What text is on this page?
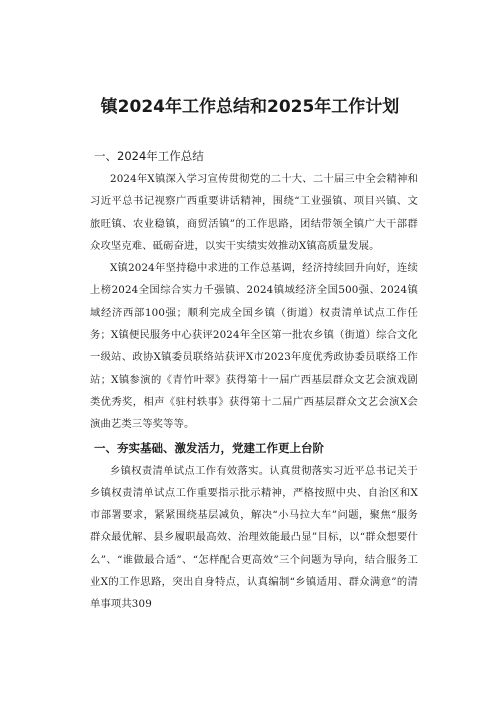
镇2024年工作总结和2025年工作计划
一、2024年工作总结

2024年X镇深入学习宣传贯彻党的二十大、二十届三中全会精神和习近平总书记视察广西重要讲话精神，围绕“工业强镇、项目兴镇、文旅旺镇、农业稳镇，商贸活镇”的工作思路，团结带领全镇广大干部群众攻坚克难、砥砺奋进，以实干实绩实效推动X镇高质量发展。

X镇2024年坚持稳中求进的工作总基调，经济持续回升向好，连续上榜2024全国综合实力千强镇、2024镇域经济全国500强、2024镇域经济西部100强；顺利完成全国乡镇（街道）权责清单试点工作任务；X镇便民服务中心获评2024年全区第一批农乡镇（街道）综合文化一级站、政协X镇委员联络站获评X市2023年度优秀政协委员联络工作站；X镇参演的《青竹叶翠》获得第十一届广西基层群众文艺会演戏剧类优秀奖，相声《驻村轶事》获得第十二届广西基层群众文艺会演X会演曲艺类三等奖等等。

一、夯实基础、激发活力，党建工作更上台阶

乡镇权责清单试点工作有效落实。认真贯彻落实习近平总书记关于乡镇权责清单试点工作重要指示批示精神，严格按照中央、自治区和X市部署要求，紧紧围绕基层减负，解决“小马拉大车”问题，聚焦“服务群众最优解、县乡履职最高效、治理效能最凸显”目标，以“群众想要什么”、“谁做最合适”、“怎样配合更高效”三个问题为导向，结合服务工业X的工作思路，突出自身特点，认真编制“乡镇适用、群众满意”的清单事项共309
